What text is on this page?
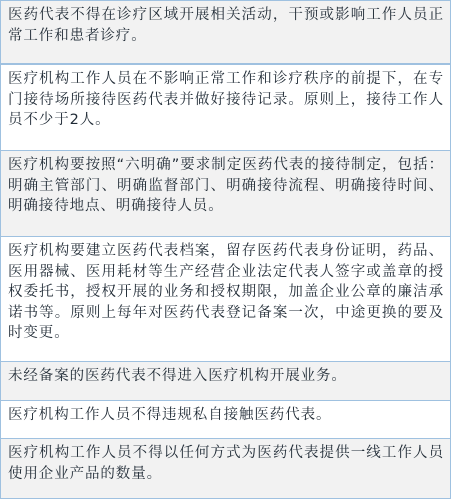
医药代表不得在诊疗区域开展相关活动，干预或影响工作人员正常工作和患者诊疗。
医疗机构工作人员在不影响正常工作和诊疗秩序的前提下，在专门接待场所接待医药代表并做好接待记录。原则上，接待工作人员不少于2人。
医疗机构要按照“六明确”要求制定医药代表的接待制定，包括：明确主管部门、明确监督部门、明确接待流程、明确接待时间、明确接待地点、明确接待人员。
医疗机构要建立医药代表档案，留存医药代表身份证明，药品、医用器械、医用耗材等生产经营企业法定代表人签字或盖章的授权委托书，授权开展的业务和授权期限，加盖企业公章的廉洁承诺书等。原则上每年对医药代表登记备案一次，中途更换的要及时变更。
未经备案的医药代表不得进入医疗机构开展业务。
医疗机构工作人员不得违规私自接触医药代表。
医疗机构工作人员不得以任何方式为医药代表提供一线工作人员使用企业产品的数量。
